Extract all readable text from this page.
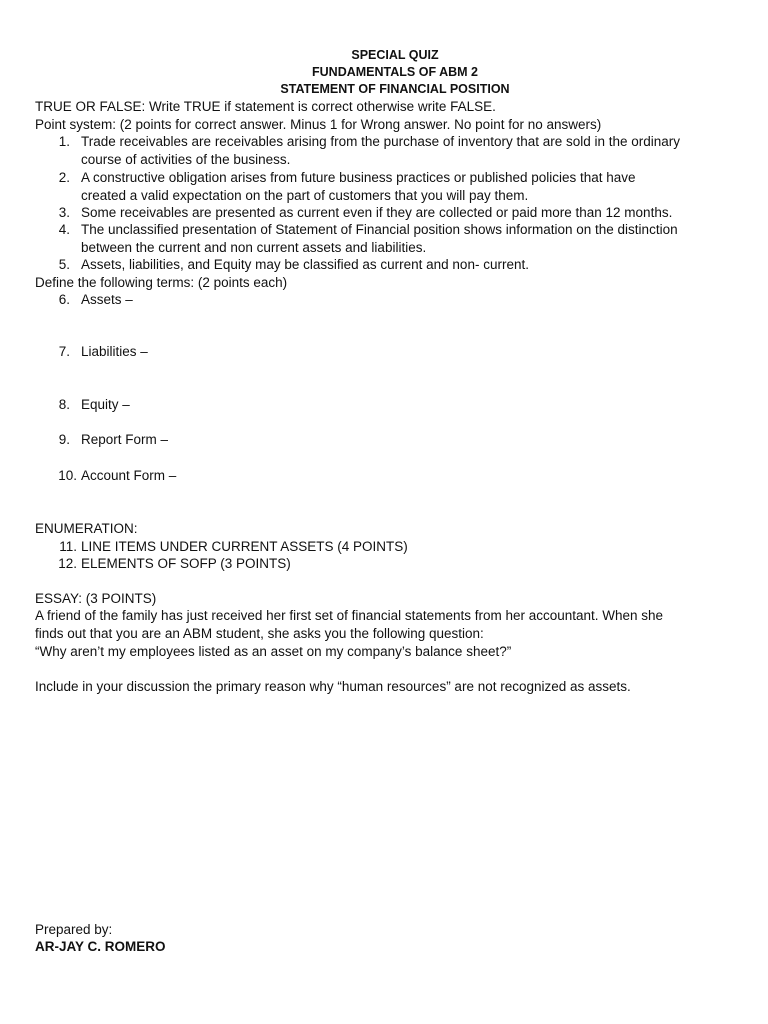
SPECIAL QUIZ
FUNDAMENTALS OF ABM 2
STATEMENT OF FINANCIAL POSITION
TRUE OR FALSE: Write TRUE if statement is correct otherwise write FALSE.
Point system: (2 points for correct answer. Minus 1 for Wrong answer. No point for no answers)
1. Trade receivables are receivables arising from the purchase of inventory that are sold in the ordinary
course of activities of the business.
2. A constructive obligation arises from future business practices or published policies that have
created a valid expectation on the part of customers that you will pay them.
3. Some receivables are presented as current even if they are collected or paid more than 12 months.
4. The unclassified presentation of Statement of Financial position shows information on the distinction
between the current and non current assets and liabilities.
5. Assets, liabilities, and Equity may be classified as current and non- current.
Define the following terms: (2 points each)
6. Assets –
7. Liabilities –
8. Equity –
9. Report Form –
10. Account Form –
ENUMERATION:
11. LINE ITEMS UNDER CURRENT ASSETS (4 POINTS)
12. ELEMENTS OF SOFP (3 POINTS)
ESSAY: (3 POINTS)
A friend of the family has just received her first set of financial statements from her accountant. When she
finds out that you are an ABM student, she asks you the following question:
“Why aren’t my employees listed as an asset on my company’s balance sheet?”
Include in your discussion the primary reason why “human resources” are not recognized as assets.
Prepared by:
AR-JAY C. ROMERO
